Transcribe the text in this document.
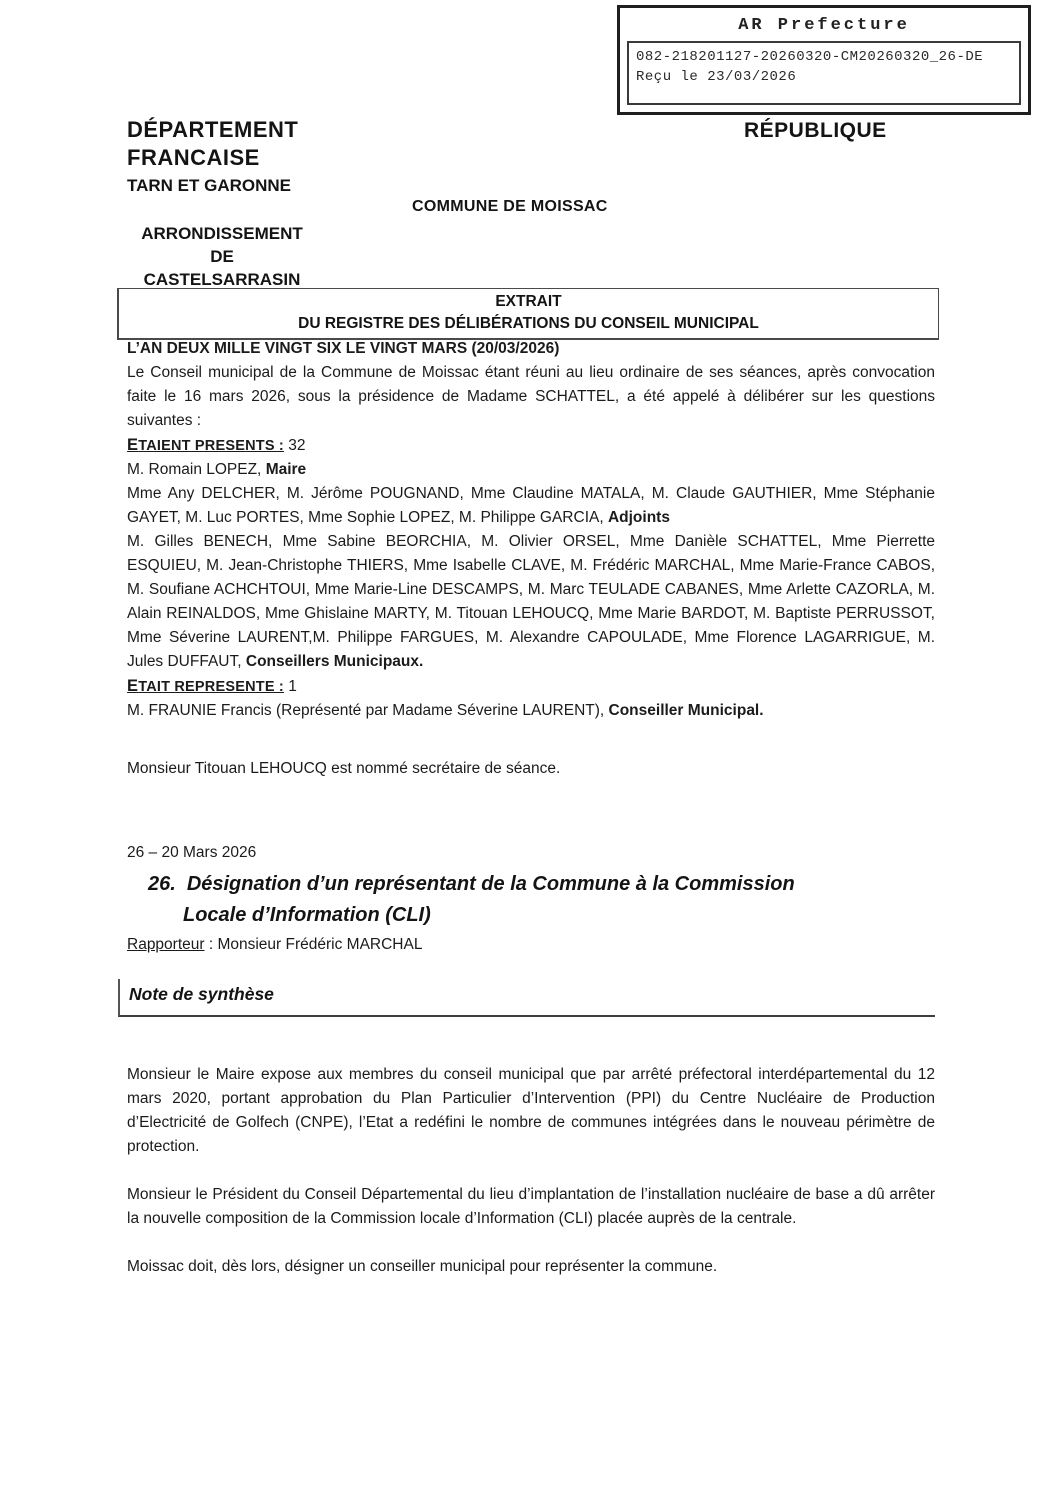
AR Prefecture
082-218201127-20260320-CM20260320_26-DE
Reçu le 23/03/2026
DÉPARTEMENT
FRANCAISE
TARN ET GARONNE
RÉPUBLIQUE
COMMUNE DE MOISSAC
ARRONDISSEMENT
DE
CASTELSARRASIN
EXTRAIT
DU REGISTRE DES DÉLIBÉRATIONS DU CONSEIL MUNICIPAL

L’AN DEUX MILLE VINGT SIX LE VINGT MARS (20/03/2026)

Le Conseil municipal de la Commune de Moissac étant réuni au lieu ordinaire de ses séances, après convocation faite le 16 mars 2026, sous la présidence de Madame SCHATTEL, a été appelé à délibérer sur les questions suivantes :

ETAIENT PRESENTS : 32

M. Romain LOPEZ, Maire

Mme Any DELCHER, M. Jérôme POUGNAND, Mme Claudine MATALA, M. Claude GAUTHIER, Mme Stéphanie GAYET, M. Luc PORTES, Mme Sophie LOPEZ, M. Philippe GARCIA, Adjoints

M. Gilles BENECH, Mme Sabine BEORCHIA, M. Olivier ORSEL, Mme Danièle SCHATTEL, Mme Pierrette ESQUIEU, M. Jean-Christophe THIERS, Mme Isabelle CLAVE, M. Frédéric MARCHAL, Mme Marie-France CABOS, M. Soufiane ACHCHTOUI, Mme Marie-Line DESCAMPS, M. Marc TEULADE CABANES, Mme Arlette CAZORLA, M. Alain REINALDOS, Mme Ghislaine MARTY, M. Titouan LEHOUCQ, Mme Marie BARDOT, M. Baptiste PERRUSSOT, Mme Séverine LAURENT,M. Philippe FARGUES, M. Alexandre CAPOULADE, Mme Florence LAGARRIGUE, M. Jules DUFFAUT, Conseillers Municipaux.

ETAIT REPRESENTE : 1

M. FRAUNIE Francis (Représenté par Madame Séverine LAURENT), Conseiller Municipal.

Monsieur Titouan LEHOUCQ est nommé secrétaire de séance.

26 – 20 Mars 2026

26. Désignation d’un représentant de la Commune à la Commission
Locale d’Information (CLI)

Rapporteur : Monsieur Frédéric MARCHAL

Note de synthèse

Monsieur le Maire expose aux membres du conseil municipal que par arrêté préfectoral interdépartemental du 12 mars 2020, portant approbation du Plan Particulier d’Intervention (PPI) du Centre Nucléaire de Production d’Electricité de Golfech (CNPE), l’Etat a redéfini le nombre de communes intégrées dans le nouveau périmètre de protection.

Monsieur le Président du Conseil Départemental du lieu d’implantation de l’installation nucléaire de base a dû arrêter la nouvelle composition de la Commission locale d’Information (CLI) placée auprès de la centrale.

Moissac doit, dès lors, désigner un conseiller municipal pour représenter la commune.
